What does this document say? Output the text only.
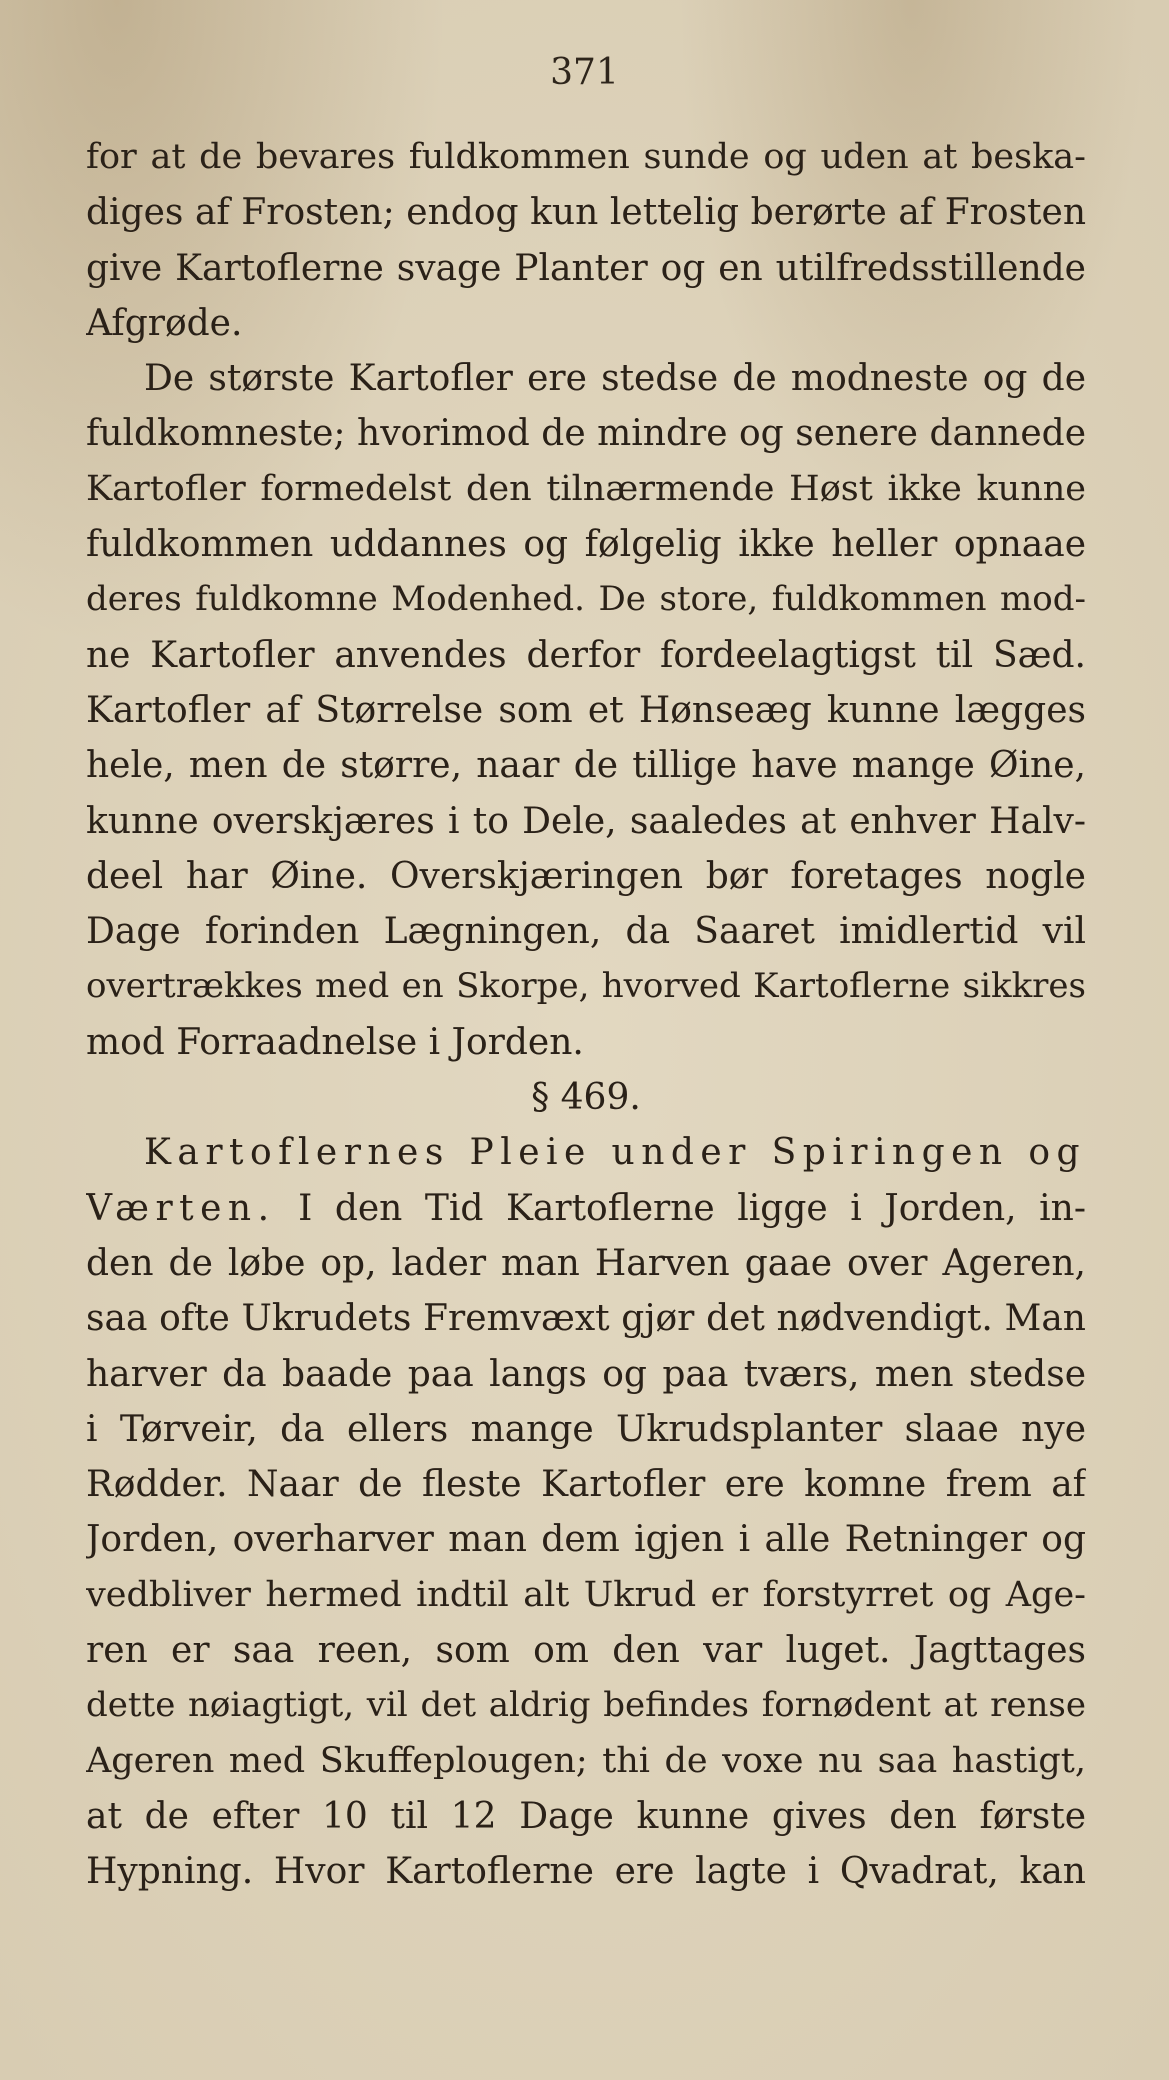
371
for at de bevares fuldkommen sunde og uden at beska-
diges af Frosten; endog kun lettelig berørte af Frosten
give Kartoflerne svage Planter og en utilfredsstillende
Afgrøde.
De største Kartofler ere stedse de modneste og de
fuldkomneste; hvorimod de mindre og senere dannede
Kartofler formedelst den tilnærmende Høst ikke kunne
fuldkommen uddannes og følgelig ikke heller opnaae
deres fuldkomne Modenhed. De store, fuldkommen mod-
ne Kartofler anvendes derfor fordeelagtigst til Sæd.
Kartofler af Størrelse som et Hønseæg kunne lægges
hele, men de større, naar de tillige have mange Øine,
kunne overskjæres i to Dele, saaledes at enhver Halv-
deel har Øine. Overskjæringen bør foretages nogle
Dage forinden Lægningen, da Saaret imidlertid vil
overtrækkes med en Skorpe, hvorved Kartoflerne sikkres
mod Forraadnelse i Jorden.
§ 469.
Kartoflernes Pleie under Spiringen og
Værten. I den Tid Kartoflerne ligge i Jorden, in-
den de løbe op, lader man Harven gaae over Ageren,
saa ofte Ukrudets Fremvæxt gjør det nødvendigt. Man
harver da baade paa langs og paa tværs, men stedse
i Tørveir, da ellers mange Ukrudsplanter slaae nye
Rødder. Naar de fleste Kartofler ere komne frem af
Jorden, overharver man dem igjen i alle Retninger og
vedbliver hermed indtil alt Ukrud er forstyrret og Age-
ren er saa reen, som om den var luget. Jagttages
dette nøiagtigt, vil det aldrig befindes fornødent at rense
Ageren med Skuffeplougen; thi de voxe nu saa hastigt,
at de efter 10 til 12 Dage kunne gives den første
Hypning. Hvor Kartoflerne ere lagte i Qvadrat, kan
